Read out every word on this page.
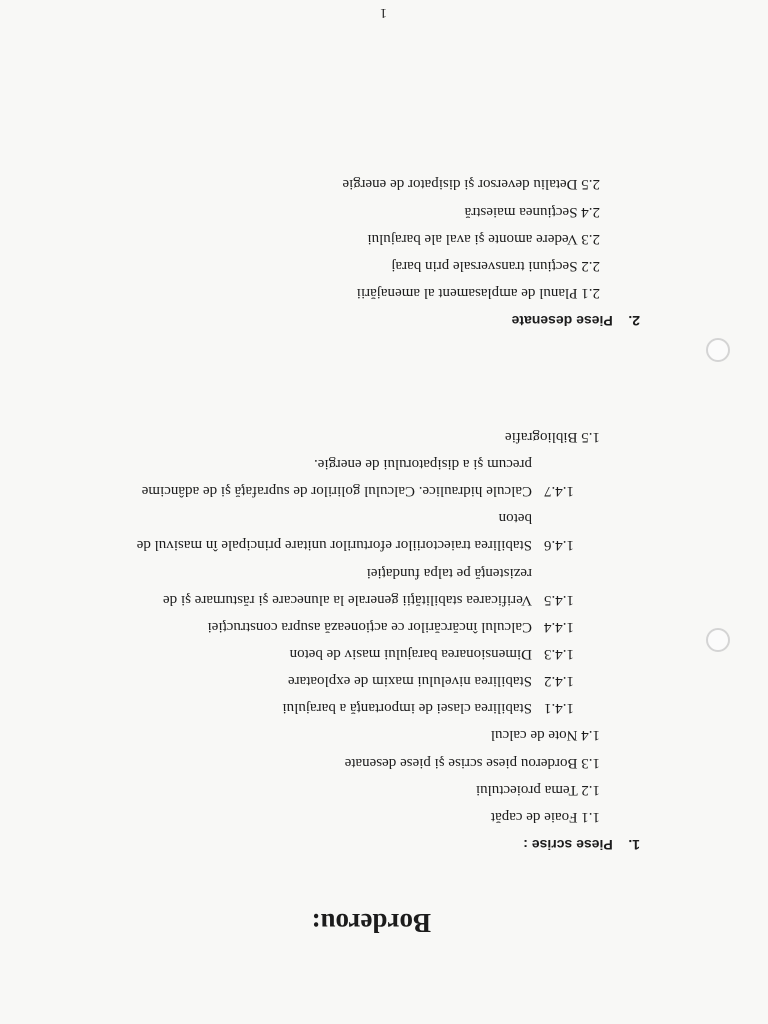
Borderou:
1.    Piese scrise :
1.1 Foaie de capăt
1.2 Tema proiectului
1.3 Borderou piese scrise şi piese desenate
1.4 Note de calcul
1.4.1Stabilirea clasei de importanţă a barajului
1.4.2Stabilirea nivelului maxim de exploatare
1.4.3Dimensionarea barajului masiv de beton
1.4.4Calculul încărcărilor ce acţionează asupra construcţiei
1.4.5Verificarea stabilităţii generale la alunecare şi răsturnare şi de
rezistenţă pe talpa fundaţiei
1.4.6Stabilirea traiectoriilor eforturilor unitare principale în masivul de
beton
1.4.7Calcule hidraulice. Calculul golirilor de suprafaţă şi de adâncime
precum şi a disipatorului de energie.
1.5 Bibliografie
2.    Piese desenate
2.1 Planul de amplasament al amenajării
2.2 Secţiuni transversale prin baraj
2.3 Vedere amonte şi aval ale barajului
2.4 Secţiunea maiestră
2.5 Detaliu deversor şi disipator de energie
1
